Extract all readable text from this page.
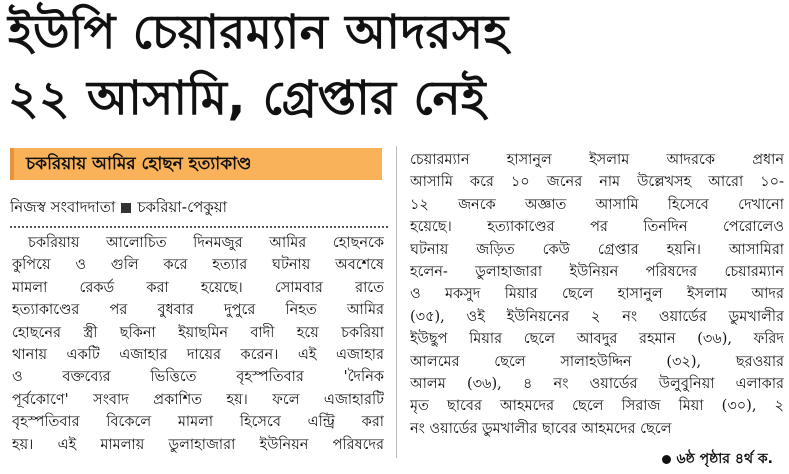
ইউপি চেয়ারম্যান আদরসহ
২২ আসামি, গ্রেপ্তার নেই
চকরিয়ায় আমির হোছন হত্যাকাণ্ড
নিজস্ব সংবাদদাতা চকরিয়া-পেকুয়া
চকরিয়ায় আলোচিত দিনমজুর আমির হোছনকে
কুপিয়ে ও গুলি করে হত্যার ঘটনায় অবশেষে
মামলা রেকর্ড করা হয়েছে। সোমবার রাতে
হত্যাকাণ্ডের পর বুধবার দুপুরে নিহত আমির
হোছনের স্ত্রী ছকিনা ইয়াছমিন বাদী হয়ে চকরিয়া
থানায় একটি এজাহার দায়ের করেন। এই এজাহার
ও বক্তব্যের ভিত্তিতে বৃহস্পতিবার 'দৈনিক
পূর্বকোণে' সংবাদ প্রকাশিত হয়। ফলে এজাহারটি
বৃহস্পতিবার বিকেলে মামলা হিসেবে এন্ট্রি করা
হয়। এই মামলায় ডুলাহাজারা ইউনিয়ন পরিষদের
চেয়ারম্যান হাসানুল ইসলাম আদরকে প্রধান
আসামি করে ১০ জনের নাম উল্লেখসহ আরো ১০-
১২ জনকে অজ্ঞাত আসামি হিসেবে দেখানো
হয়েছে। হত্যাকাণ্ডের পর তিনদিন পেরোলেও
ঘটনায় জড়িত কেউ গ্রেপ্তার হয়নি। আসামিরা
হলেন- ডুলাহাজারা ইউনিয়ন পরিষদের চেয়ারম্যান
ও মকসুদ মিয়ার ছেলে হাসানুল ইসলাম আদর
(৩৫), ওই ইউনিয়নের ২ নং ওয়ার্ডের ডুমখালীর
ইউছুপ মিয়ার ছেলে আবদুর রহমান (৩৬), ফরিদ
আলমের ছেলে সালাহউদ্দিন (৩২), ছরওয়ার
আলম (৩৬), ৪ নং ওয়ার্ডের উলুবুনিয়া এলাকার
মৃত ছাবের আহমদের ছেলে সিরাজ মিয়া (৩০), ২
নং ওয়ার্ডের ডুমখালীর ছাবের আহমদের ছেলে
৬ষ্ঠ পৃষ্ঠার ৪র্থ ক.
